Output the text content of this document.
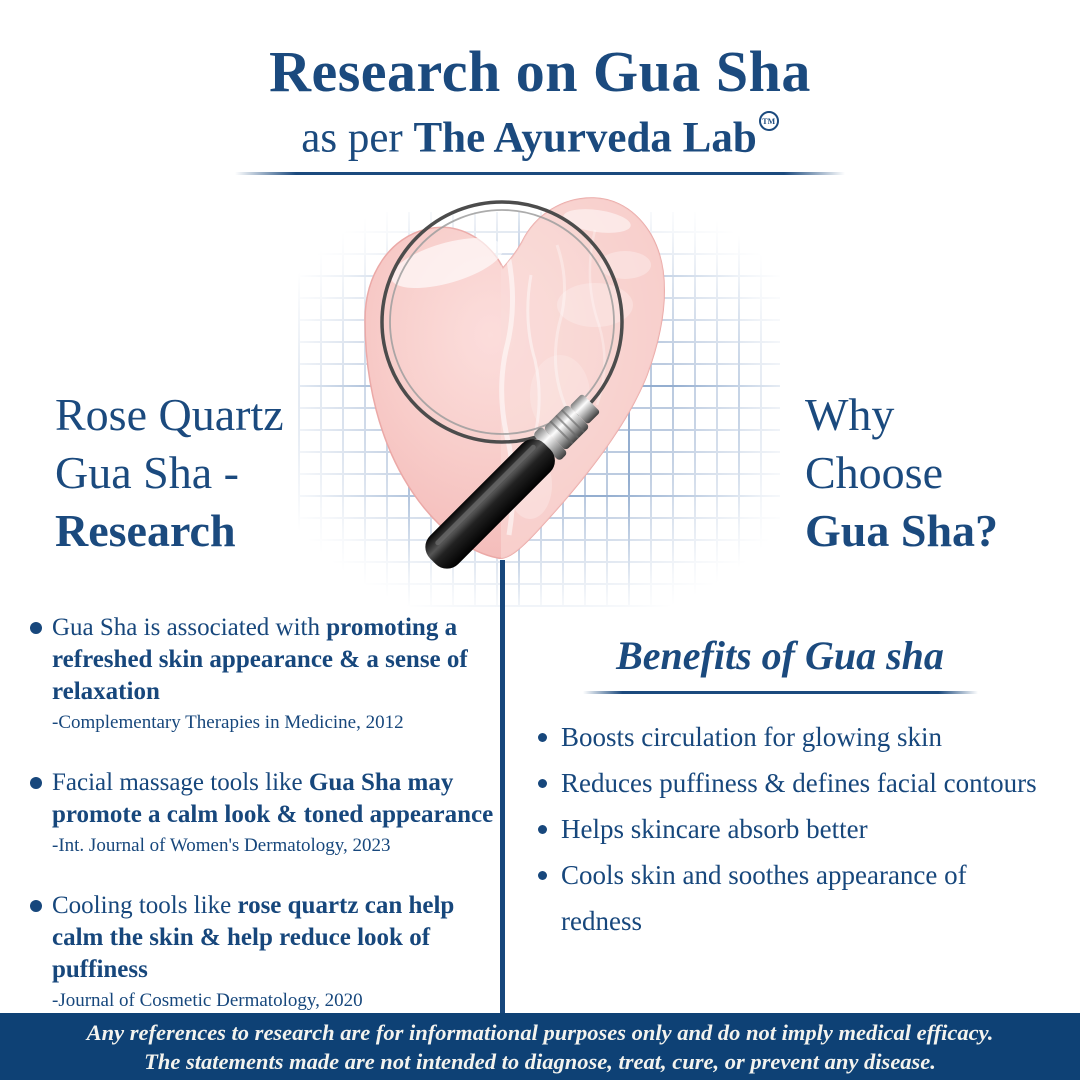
Research on Gua Sha
as per The Ayurveda Lab TM
Rose Quartz
Gua Sha -
Research
Why
Choose
Gua Sha?
Gua Sha is associated with promoting a refreshed skin appearance & a sense of relaxation
-Complementary Therapies in Medicine, 2012
Facial massage tools like Gua Sha may promote a calm look & toned appearance
-Int. Journal of Women's Dermatology, 2023
Cooling tools like rose quartz can help calm the skin & help reduce look of puffiness
-Journal of Cosmetic Dermatology, 2020
Benefits of Gua sha
Boosts circulation for glowing skin
Reduces puffiness & defines facial contours
Helps skincare absorb better
Cools skin and soothes appearance of redness
Any references to research are for informational purposes only and do not imply medical efficacy.
The statements made are not intended to diagnose, treat, cure, or prevent any disease.
